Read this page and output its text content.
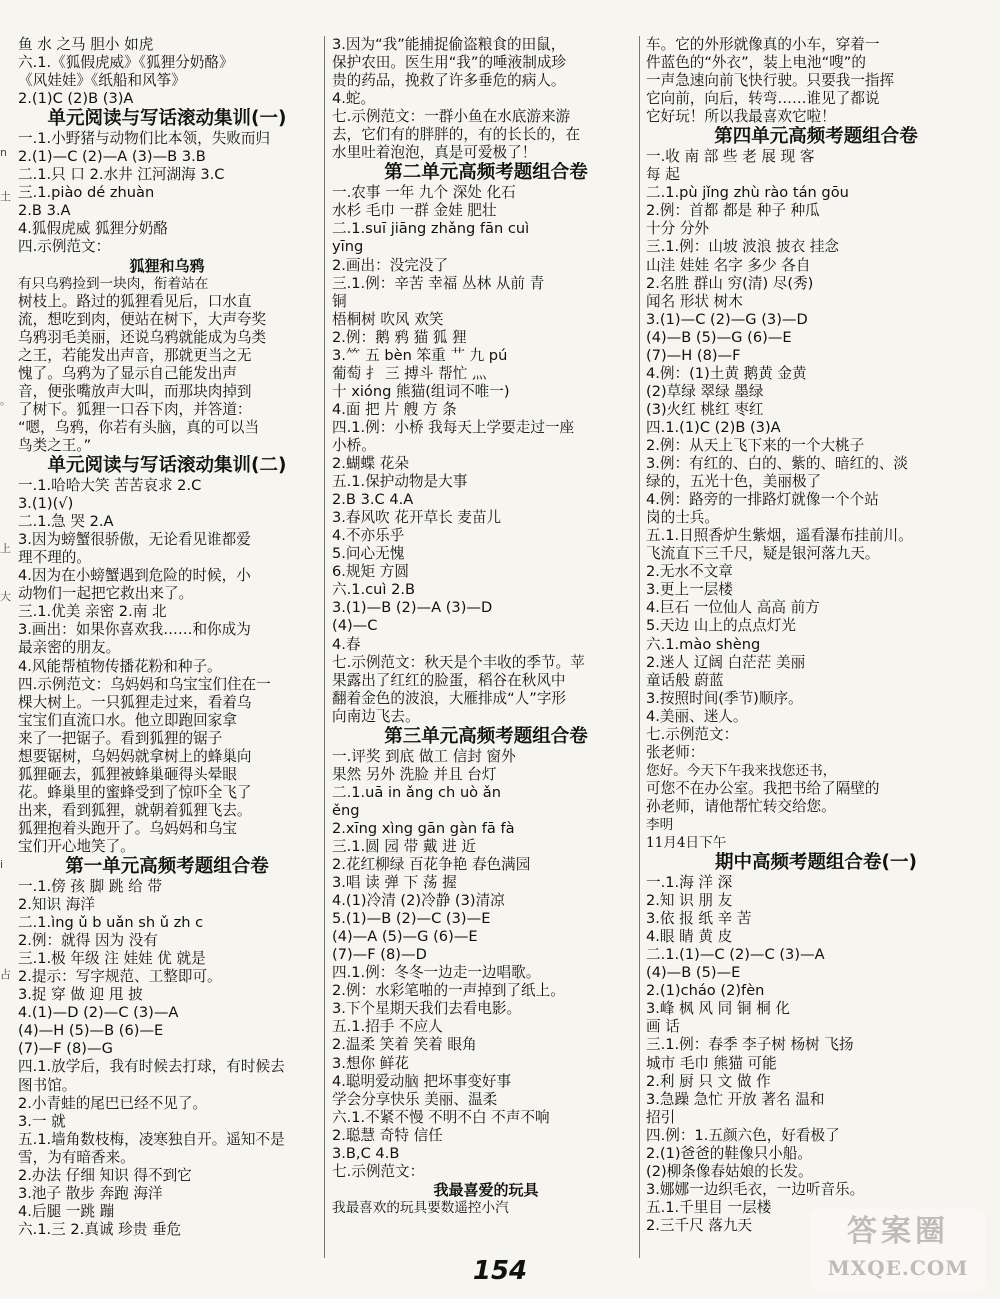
鱼 水 之马 胆小 如虎
六.1.《狐假虎威》《狐狸分奶酪》
《风娃娃》《纸船和风筝》
2.(1)C (2)B (3)A
单元阅读与写话滚动集训(一)
一.1.小野猪与动物们比本领，失败而归
2.(1)—C (2)—A (3)—B 3.B
二.1.只 口 2.水井 江河湖海 3.C
三.1.piào dé zhuàn
2.B 3.A
4.狐假虎威 狐狸分奶酪
四.示例范文：
狐狸和乌鸦
有只乌鸦捡到一块肉，衔着站在
树枝上。路过的狐狸看见后，口水直
流，想吃到肉，便站在树下，大声夸奖
乌鸦羽毛美丽，还说乌鸦就能成为乌类
之王，若能发出声音，那就更当之无
愧了。乌鸦为了显示自己能发出声
音，便张嘴放声大叫，而那块肉掉到
了树下。狐狸一口吞下肉，并答道：
“嗯，乌鸦，你若有头脑，真的可以当
鸟类之王。”
单元阅读与写话滚动集训(二)
一.1.哈哈大笑 苦苦哀求 2.C
3.(1)(√)
二.1.急 哭 2.A
3.因为螃蟹很骄傲，无论看见谁都爱
理不理的。
4.因为在小螃蟹遇到危险的时候，小
动物们一起把它救出来了。
三.1.优美 亲密 2.南 北
3.画出：如果你喜欢我……和你成为
最亲密的朋友。
4.风能帮植物传播花粉和种子。
四.示例范文：乌妈妈和乌宝宝们住在一
棵大树上。一只狐狸走过来，看着乌
宝宝们直流口水。他立即跑回家拿
来了一把锯子。看到狐狸的锯子
想要锯树，乌妈妈就拿树上的蜂巢向
狐狸砸去，狐狸被蜂巢砸得头晕眼
花。蜂巢里的蜜蜂受到了惊吓全飞了
出来，看到狐狸，就朝着狐狸飞去。
狐狸抱着头跑开了。乌妈妈和乌宝
宝们开心地笑了。
第一单元高频考题组合卷
一.1.傍 孩 脚 跳 给 带
2.知识 海洋
二.1.ìng ǔ b uǎn sh ǔ zh c
2.例：就得 因为 没有
三.1.极 年级 注 娃娃 优 就是
2.提示：写字规范、工整即可。
3.捉 穿 做 迎 甩 披
4.(1)—D (2)—C (3)—A
(4)—H (5)—B (6)—E
(7)—F (8)—G
四.1.放学后，我有时候去打球，有时候去
图书馆。
2.小青蛙的尾巴已经不见了。
3.一 就
五.1.墙角数枝梅，凌寒独自开。遥知不是
雪，为有暗香来。
2.办法 仔细 知识 得不到它
3.池子 散步 奔跑 海洋
4.后腿 一跳 蹦
六.1.三 2.真诚 珍贵 垂危
3.因为“我”能捕捉偷盗粮食的田鼠，
保护农田。医生用“我”的唾液制成珍
贵的药品，挽救了许多垂危的病人。
4.蛇。
七.示例范文：一群小鱼在水底游来游
去，它们有的胖胖的，有的长长的，在
水里吐着泡泡，真是可爱极了！
第二单元高频考题组合卷
一.农事 一年 九个 深处 化石
水杉 毛巾 一群 金娃 肥壮
二.1.suī jiāng zhǎng fān cuì
yīng
2.画出：没完没了
三.1.例：辛苦 幸福 丛林 从前 青
铜
梧桐树 吹风 欢笑
2.例：鹅 鸦 猫 狐 狸
3.⺮ 五 bèn 笨重 艹 九 pú
葡萄 扌 三 搏斗 帮忙 灬
十 xióng 熊猫(组词不唯一)
4.面 把 片 艘 方 条
四.1.例：小桥 我每天上学要走过一座
小桥。
2.蝴蝶 花朵
五.1.保护动物是大事
2.B 3.C 4.A
3.春风吹 花开草长 麦苗儿
4.不亦乐乎
5.问心无愧
6.规矩 方圆
六.1.cuì 2.B
3.(1)—B (2)—A (3)—D
(4)—C
4.春
七.示例范文：秋天是个丰收的季节。苹
果露出了红红的脸蛋，稻谷在秋风中
翻着金色的波浪，大雁排成“人”字形
向南边飞去。
第三单元高频考题组合卷
一.评奖 到底 做工 信封 窗外
果然 另外 洗脸 并且 台灯
二.1.uā in ǎng ch uò ǎn
ěng
2.xīng xìng gān gàn fā fà
三.1.圆 园 带 戴 进 近
2.花红柳绿 百花争艳 春色满园
3.唱 读 弹 下 荡 握
4.(1)冷清 (2)冷静 (3)清凉
5.(1)—B (2)—C (3)—E
(4)—A (5)—G (6)—E
(7)—F (8)—D
四.1.例：冬冬一边走一边唱歌。
2.例：水彩笔啪的一声掉到了纸上。
3.下个星期天我们去看电影。
五.1.招手 不应人
2.温柔 笑着 笑着 眼角
3.想你 鲜花
4.聪明爱动脑 把坏事变好事
学会分享快乐 美丽、温柔
六.1.不紧不慢 不明不白 不声不响
2.聪慧 奇特 信任
3.B,C 4.B
七.示例范文：
我最喜爱的玩具
我最喜欢的玩具要数遥控小汽
车。它的外形就像真的小车，穿着一
件蓝色的“外衣”，装上电池“嗖”的
一声急速向前飞快行驶。只要我一指挥
它向前，向后，转弯……谁见了都说
它好玩！所以我最喜欢它啦！
第四单元高频考题组合卷
一.收 南 部 些 老 展 现 客
每 起
二.1.pù jǐng zhù rào tán gōu
2.例：首都 都是 种子 种瓜
十分 分外
三.1.例：山坡 波浪 披衣 挂念
山洼 娃娃 名字 多少 各自
2.名胜 群山 穷(清) 尽(秀)
闻名 形状 树木
3.(1)—C (2)—G (3)—D
(4)—B (5)—G (6)—E
(7)—H (8)—F
4.例：(1)土黄 鹅黄 金黄
(2)草绿 翠绿 墨绿
(3)火红 桃红 枣红
四.1.(1)C (2)B (3)A
2.例：从天上飞下来的一个大桃子
3.例：有红的、白的、紫的、暗红的、淡
绿的，五光十色，美丽极了
4.例：路旁的一排路灯就像一个个站
岗的士兵。
五.1.日照香炉生紫烟，遥看瀑布挂前川。
飞流直下三千尺，疑是银河落九天。
2.无水不文章
3.更上一层楼
4.巨石 一位仙人 高高 前方
5.天边 山上的点点灯光
六.1.mào shèng
2.迷人 辽阔 白茫茫 美丽
童话般 蔚蓝
3.按照时间(季节)顺序。
4.美丽、迷人。
七.示例范文：
张老师：
您好。今天下午我来找您还书，
可您不在办公室。我把书给了隔壁的
孙老师，请他帮忙转交给您。
李明
11月4日下午
期中高频考题组合卷(一)
一.1.海 洋 深
2.知 识 朋 友
3.依 报 纸 辛 苦
4.眼 睛 黄 皮
二.1.(1)—C (2)—C (3)—A
(4)—B (5)—E
2.(1)cháo (2)fèn
3.峰 枫 风 同 铜 桐 化
画 话
三.1.例：春季 李子树 杨树 飞扬
城市 毛巾 熊猫 可能
2.利 厨 只 文 做 作
3.急躁 急忙 开放 著名 温和
招引
四.例：1.五颜六色，好看极了
2.(1)爸爸的鞋像只小船。
(2)柳条像春姑娘的长发。
3.娜娜一边织毛衣，一边听音乐。
五.1.千里目 一层楼
2.三千尺 落九天
n
土
。
上
大
i
占
154
答案圈
MXQE.COM
